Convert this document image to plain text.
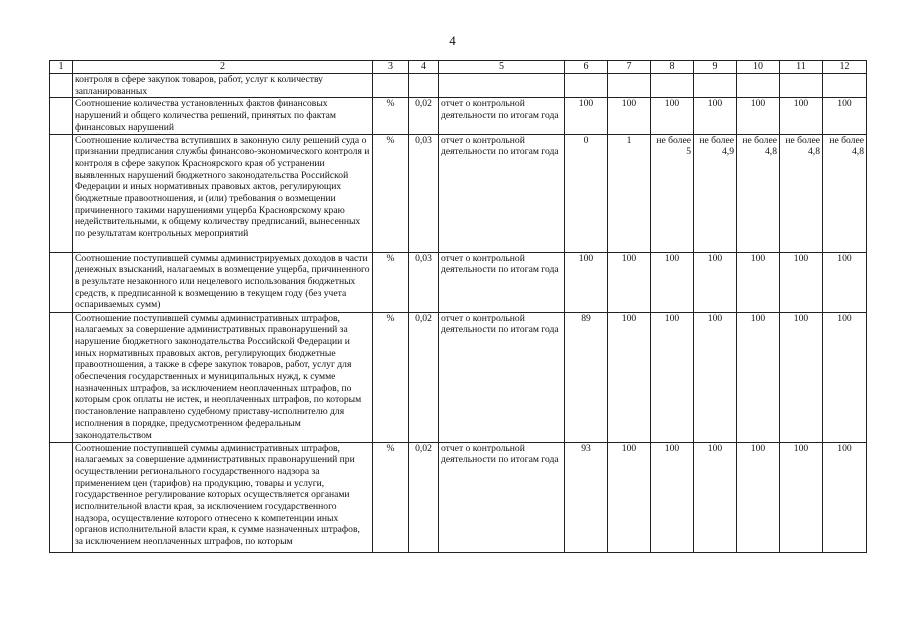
4
1	2	3	4	5	6	7	8	9	10	11	12
	контроля в сфере закупок товаров, работ, услуг к количеству запланированных										
	Соотношение количества установленных фактов финансовых нарушений и общего количества решений, принятых по фактам финансовых нарушений	%	0,02	отчет о контрольной деятельности по итогам года	100	100	100	100	100	100	100
	Соотношение количества вступивших в законную силу решений суда о признании предписания службы финансово-экономического контроля и контроля в сфере закупок Красноярского края об устранении выявленных нарушений бюджетного законодательства Российской Федерации и иных нормативных правовых актов, регулирующих бюджетные правоотношения, и (или) требования о возмещении причиненного такими нарушениями ущерба Красноярскому краю недействительными, к общему количеству предписаний, вынесенных по результатам контрольных мероприятий	%	0,03	отчет о контрольной деятельности по итогам года	0	1	не более 5	не более 4,9	не более 4,8	не более 4,8	не более 4,8
	Соотношение поступившей суммы администрируемых доходов в части денежных взысканий, налагаемых в возмещение ущерба, причиненного в результате незаконного или нецелевого использования бюджетных средств, к предписанной к возмещению в текущем году (без учета оспариваемых сумм)	%	0,03	отчет о контрольной деятельности по итогам года	100	100	100	100	100	100	100
	Соотношение поступившей суммы административных штрафов, налагаемых за совершение административных правонарушений за нарушение бюджетного законодательства Российской Федерации и иных нормативных правовых актов, регулирующих бюджетные правоотношения, а также в сфере закупок товаров, работ, услуг для обеспечения государственных и муниципальных нужд, к сумме назначенных штрафов, за исключением неоплаченных штрафов, по которым срок оплаты не истек, и неоплаченных штрафов, по которым постановление направлено судебному приставу-исполнителю для исполнения в порядке, предусмотренном федеральным законодательством	%	0,02	отчет о контрольной деятельности по итогам года	89	100	100	100	100	100	100
	Соотношение поступившей суммы административных штрафов, налагаемых за совершение административных правонарушений при осуществлении регионального государственного надзора за применением цен (тарифов) на продукцию, товары и услуги, государственное регулирование которых осуществляется органами исполнительной власти края, за исключением государственного надзора, осуществление которого отнесено к компетенции иных органов исполнительной власти края, к сумме назначенных штрафов, за исключением неоплаченных штрафов, по которым	%	0,02	отчет о контрольной деятельности по итогам года	93	100	100	100	100	100	100
